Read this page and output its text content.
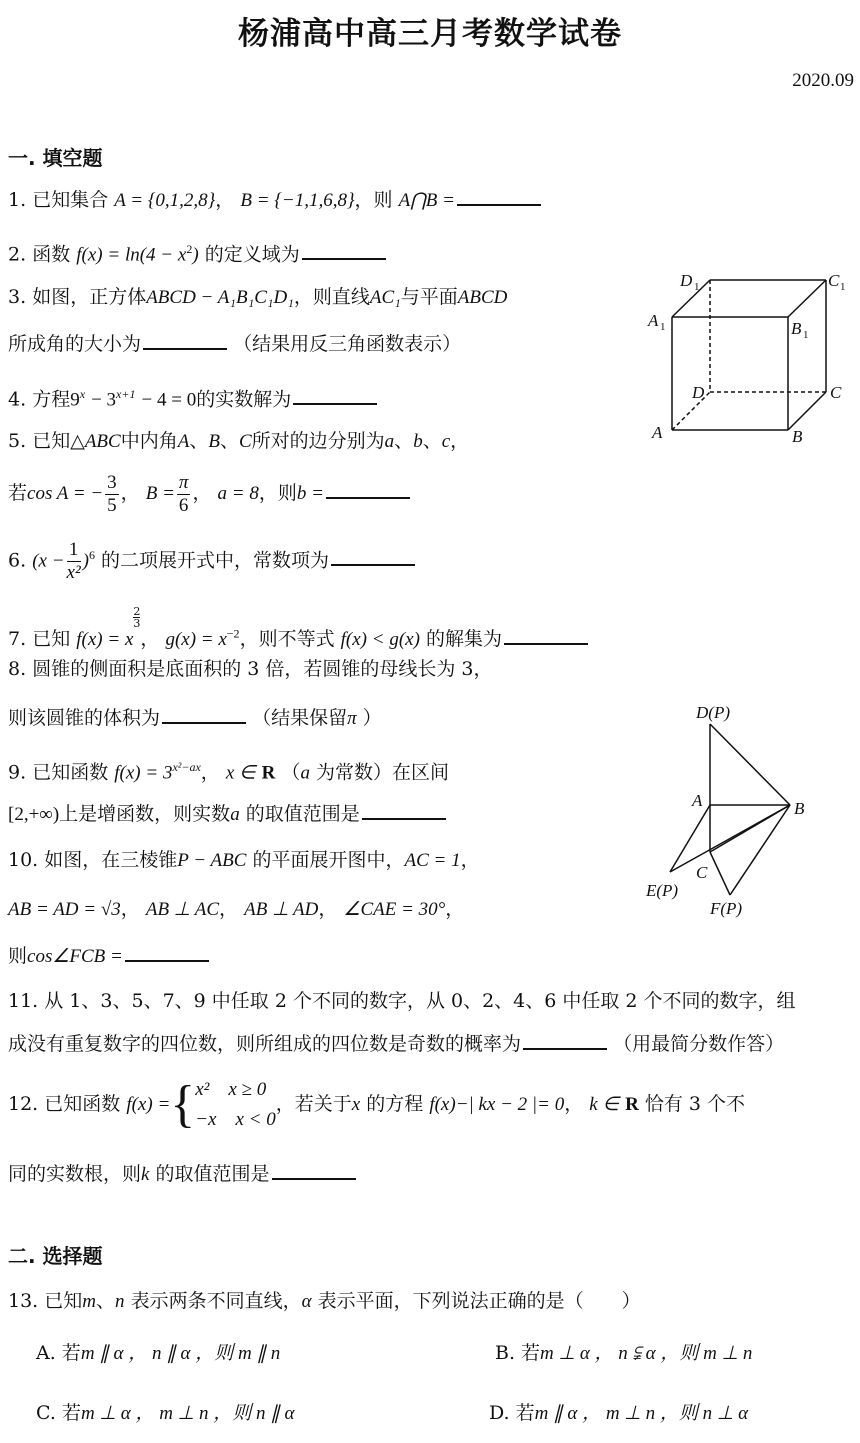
杨浦高中高三月考数学试卷
2020.09
一. 填空题
1. 已知集合 A = {0,1,2,8}， B = {−1,1,6,8}，则 A⋂B =
2. 函数 $f(x) = \ln(4 - x^2)$ 的定义域为
3. 如图，正方体ABCD − A₁B₁C₁D₁，则直线AC₁与平面ABCD
所成角的大小为	（结果用反三角函数表示）
D 1	C 1
A 1	B 1
D	C
A	B
4. 方程$9^x - 3^{x+1} - 4 = 0$的实数解为
5. 已知△ABC中内角A、B、C所对的边分别为a、b、c，
若cos A = − $\frac{3}{5}$ ， $B = \frac{\pi}{6}$ ， a = 8，则b =
6. $(x - \frac{1}{\text{x²}} )^6$ 的二项展开式中，常数项为
7. 已知 f(x) = x
$^{\frac{2}{3}}$
， $g(x) = x^{-2}$，则不等式 f(x) < g(x) 的解集为
8. 圆锥的侧面积是底面积的 3 倍，若圆锥的母线长为 3，
则该圆锥的体积为	（结果保留π ）
9. 已知函数 $f(x) = 3^{x^2-ax}$， x ∈ R （a 为常数）在区间
[2,+∞)上是增函数，则实数a 的取值范围是
D(P)
A	B
C
E(P)
F(P)
10. 如图，在三棱锥P − ABC 的平面展开图中，AC = 1，
AB = AD = √3， AB ⊥ AC， AB ⊥ AD， ∠CAE = 30°，
则cos∠FCB =
11. 从 1、3、5、7、9 中任取 2 个不同的数字，从 0、2、4、6 中任取 2 个不同的数字，组
成没有重复数字的四位数，则所组成的四位数是奇数的概率为	（用最简分数作答）
12. 已知函数 f(x) ={ x²  x ≥ 0
−x  x < 0
，若关于x 的方程 f(x)−| kx − 2 |= 0， k ∈ R 恰有 3 个不
同的实数根，则k 的取值范围是
二. 选择题
13. 已知m、n 表示两条不同直线，α 表示平面，下列说法正确的是（　　）
A. 若m ∥ α ， n ∥ α ，则 m ∥ n	B. 若m ⊥ α ， n ⫋ α ，则 m ⊥ n
C. 若m ⊥ α ， m ⊥ n ，则 n ∥ α	D. 若m ∥ α ， m ⊥ n ，则 n ⊥ α
